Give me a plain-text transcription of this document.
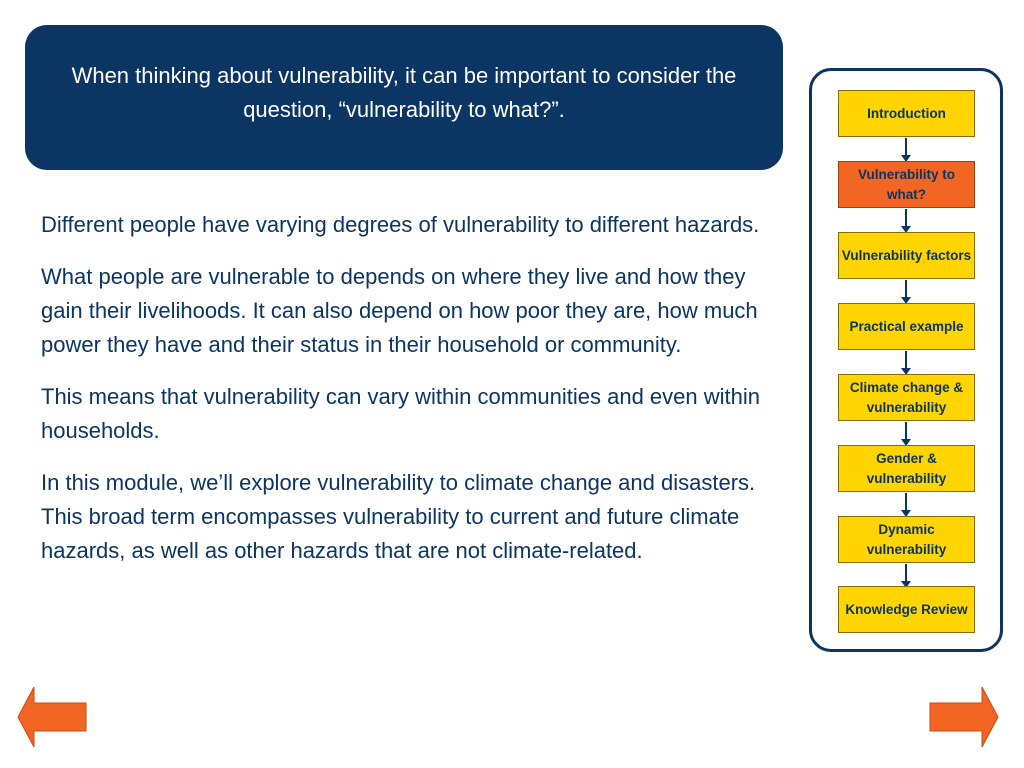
When thinking about vulnerability, it can be important to consider the question, “vulnerability to what?”.

Different people have varying degrees of vulnerability to different hazards.

What people are vulnerable to depends on where they live and how they gain their livelihoods. It can also depend on how poor they are, how much power they have and their status in their household or community.

This means that vulnerability can vary within communities and even within households.

In this module, we’ll explore vulnerability to climate change and disasters. This broad term encompasses vulnerability to current and future climate hazards, as well as other hazards that are not climate-related.

Introduction
Vulnerability to what?
Vulnerability factors
Practical example
Climate change & vulnerability
Gender & vulnerability
Dynamic vulnerability
Knowledge Review
